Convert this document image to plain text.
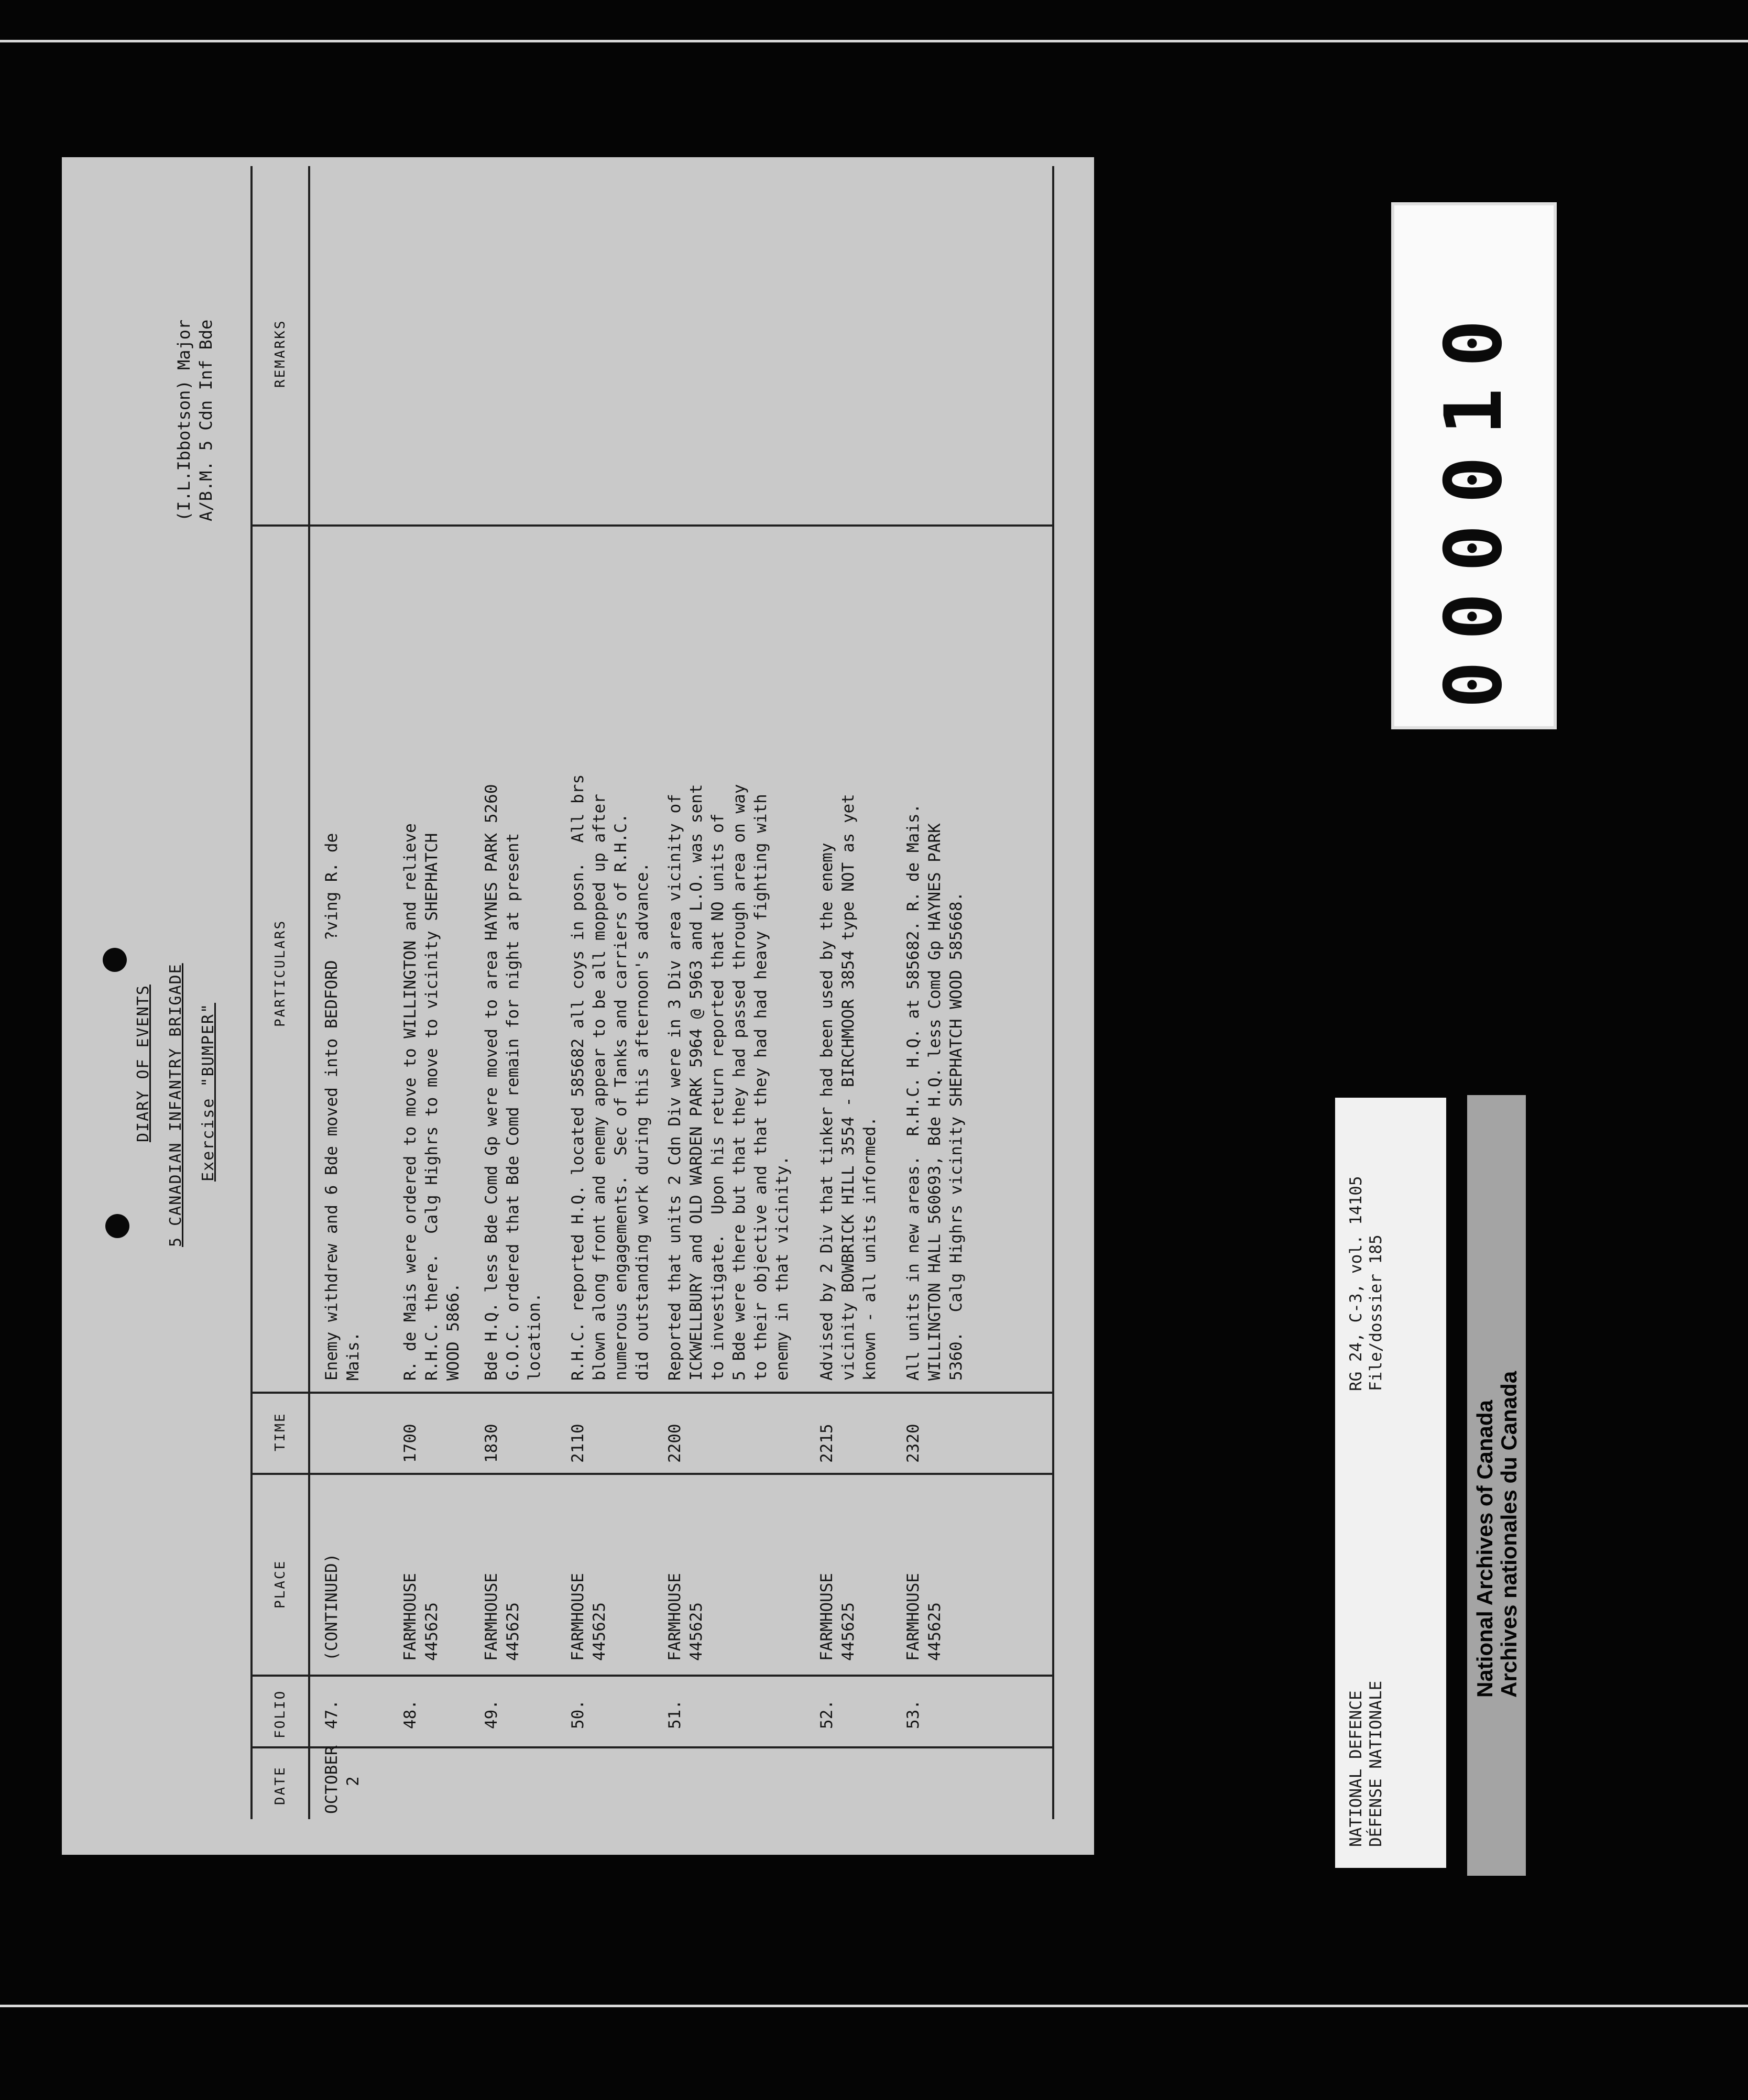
DIARY OF EVENTS 5 CANADIAN INFANTRY BRIGADE Exercise "BUMPER"
(I.L.Ibbotson) Major A/B.M. 5 Cdn Inf Bde
DATE
FOLIO
PLACE
TIME
PARTICULARS
REMARKS
OCTOBER 2
47.
(CONTINUED)
Enemy withdrew and 6 Bde moved into BEDFORD  ?ving R. de
Mais.
48.
FARMHOUSE
445625
1700
R. de Mais were ordered to move to WILLINGTON and relieve
R.H.C. there.  Calg Highrs to move to vicinity SHEPHATCH
WOOD 5866.
49.
FARMHOUSE
445625
1830
Bde H.Q. less Bde Comd Gp were moved to area HAYNES PARK 5260
G.O.C. ordered that Bde Comd remain for night at present
location.
50.
FARMHOUSE
445625
2110
R.H.C. reported H.Q. located 585682 all coys in posn.  All brs
blown along front and enemy appear to be all mopped up after
numerous engagements.  Sec of Tanks and carriers of R.H.C.
did outstanding work during this afternoon's advance.
51.
FARMHOUSE
445625
2200
Reported that units 2 Cdn Div were in 3 Div area vicinity of
ICKWELLBURY and OLD WARDEN PARK 5964 @ 5963 and L.O. was sent
to investigate.  Upon his return reported that NO units of
5 Bde were there but that they had passed through area on way
to their objective and that they had had heavy fighting with
enemy in that vicinity.
52.
FARMHOUSE
445625
2215
Advised by 2 Div that tinker had been used by the enemy
vicinity BOWBRICK HILL 3554 - BIRCHMOOR 3854 type NOT as yet
known - all units informed.
53.
FARMHOUSE
445625
2320
All units in new areas.  R.H.C. H.Q. at 585682. R. de Mais.
WILLINGTON HALL 560693, Bde H.Q. less Comd Gp HAYNES PARK
5360.  Calg Highrs vicinity SHEPHATCH WOOD 585668.
000010
NATIONAL DEFENCE DÉFENSE NATIONALE
RG 24, C-3, vol. 14105 File/dossier 185
National Archives of Canada Archives nationales du Canada
